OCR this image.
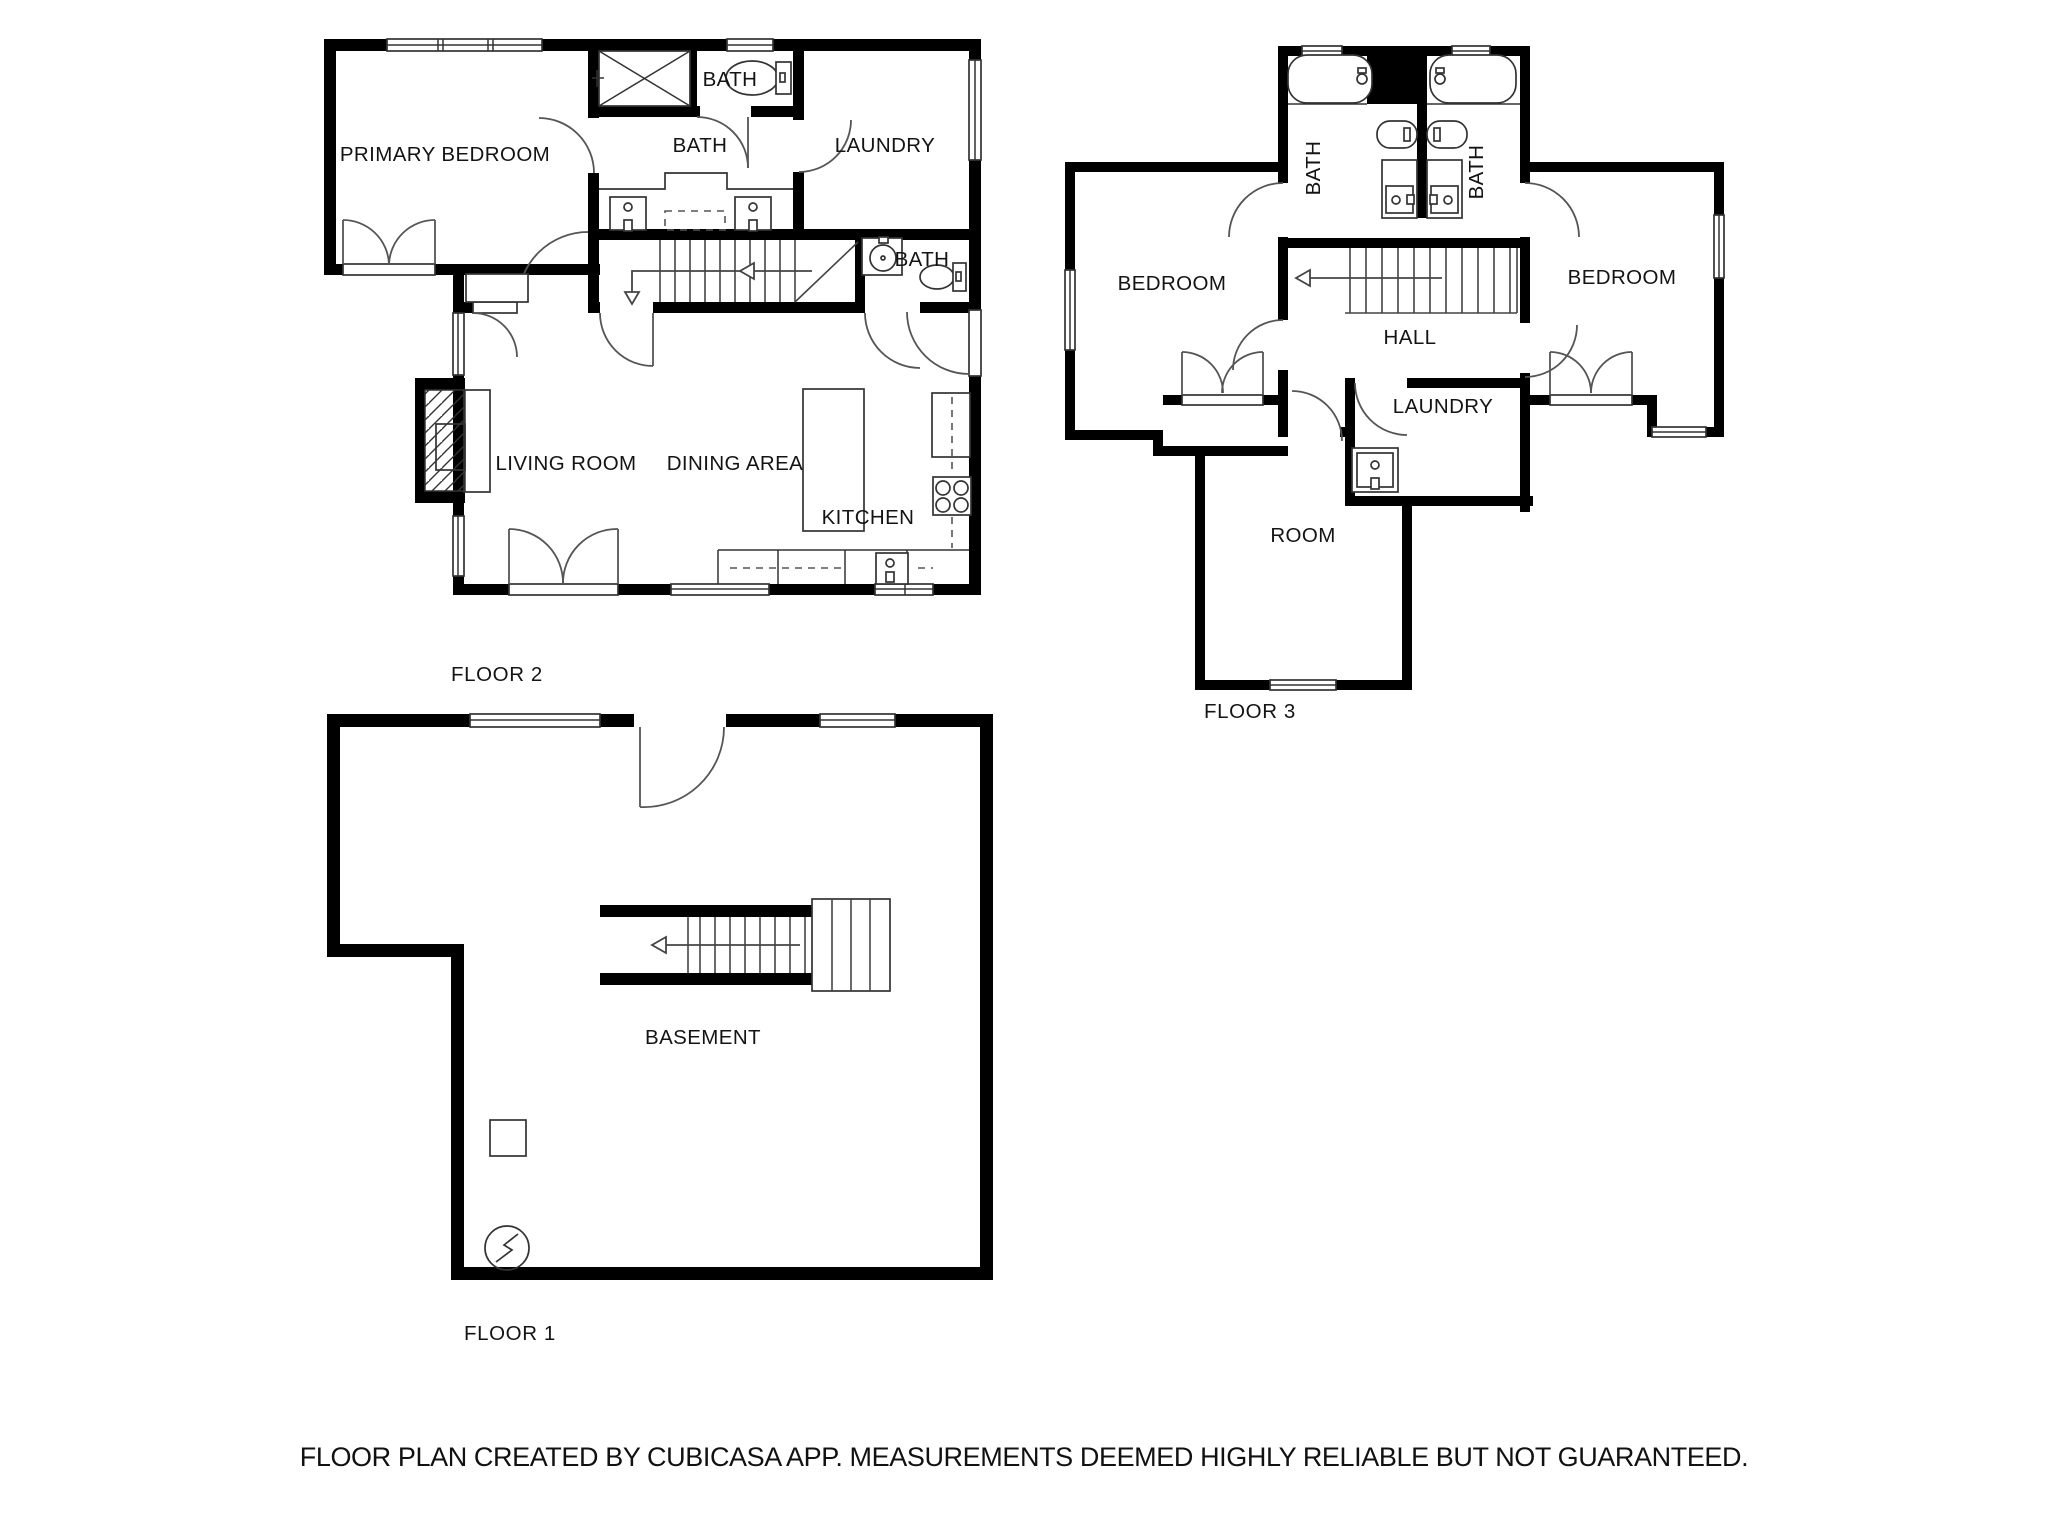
PRIMARY BEDROOM
BATH
BATH	LAUNDRY
BATH
LIVING ROOM DINING AREA
KITCHEN
FLOOR 2
BATH	BATH
BEDROOM	BEDROOM
HALL
LAUNDRY
ROOM
FLOOR 3
BASEMENT
FLOOR 1
FLOOR PLAN CREATED BY CUBICASA APP. MEASUREMENTS DEEMED HIGHLY RELIABLE BUT NOT GUARANTEED.
